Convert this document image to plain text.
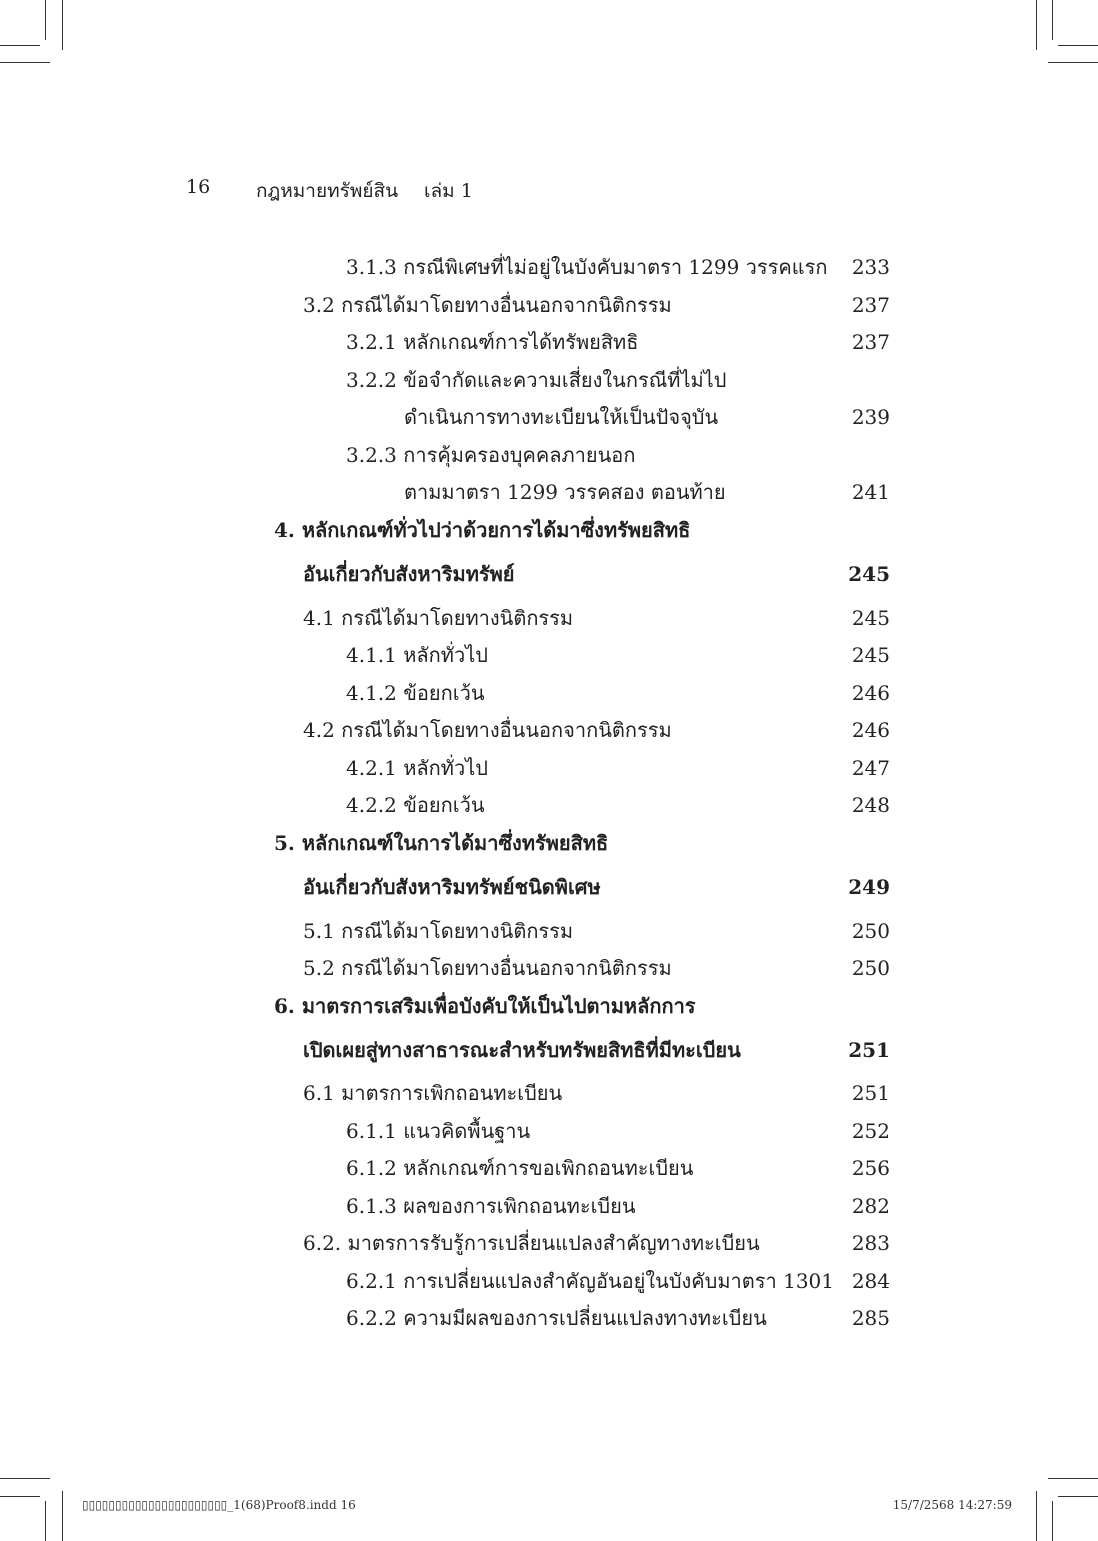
16 กฎหมายทรัพย์สิน เล่ม 1
3.1.3 กรณีพิเศษที่ไม่อยู่ในบังคับมาตรา 1299 วรรคแรก 233
3.2 กรณีได้มาโดยทางอื่นนอกจากนิติกรรม	237
3.2.1 หลักเกณฑ์การได้ทรัพยสิทธิ	237
3.2.2 ข้อจำกัดและความเสี่ยงในกรณีที่ไม่ไป
ดำเนินการทางทะเบียนให้เป็นปัจจุบัน	239
3.2.3 การคุ้มครองบุคคลภายนอก
ตามมาตรา 1299 วรรคสอง ตอนท้าย	241
4. หลักเกณฑ์ทั่วไปว่าด้วยการได้มาซึ่งทรัพยสิทธิ
อันเกี่ยวกับสังหาริมทรัพย์	245
4.1 กรณีได้มาโดยทางนิติกรรม	245
4.1.1 หลักทั่วไป	245
4.1.2 ข้อยกเว้น	246
4.2 กรณีได้มาโดยทางอื่นนอกจากนิติกรรม	246
4.2.1 หลักทั่วไป	247
4.2.2 ข้อยกเว้น	248
5. หลักเกณฑ์ในการได้มาซึ่งทรัพยสิทธิ
อันเกี่ยวกับสังหาริมทรัพย์ชนิดพิเศษ	249
5.1 กรณีได้มาโดยทางนิติกรรม	250
5.2 กรณีได้มาโดยทางอื่นนอกจากนิติกรรม	250
6. มาตรการเสริมเพื่อบังคับให้เป็นไปตามหลักการ
เปิดเผยสู่ทางสาธารณะสำหรับทรัพยสิทธิที่มีทะเบียน	251
6.1 มาตรการเพิกถอนทะเบียน	251
6.1.1 แนวคิดพื้นฐาน	252
6.1.2 หลักเกณฑ์การขอเพิกถอนทะเบียน	256
6.1.3 ผลของการเพิกถอนทะเบียน	282
6.2. มาตรการรับรู้การเปลี่ยนแปลงสำคัญทางทะเบียน	283
6.2.1 การเปลี่ยนแปลงสำคัญอันอยู่ในบังคับมาตรา 1301 284
6.2.2 ความมีผลของการเปลี่ยนแปลงทางทะเบียน	285
▯▯▯▯▯▯▯▯▯▯▯▯▯▯▯▯▯▯▯▯▯▯_1(68)Proof8.indd 16	15/7/2568 14:27:59
